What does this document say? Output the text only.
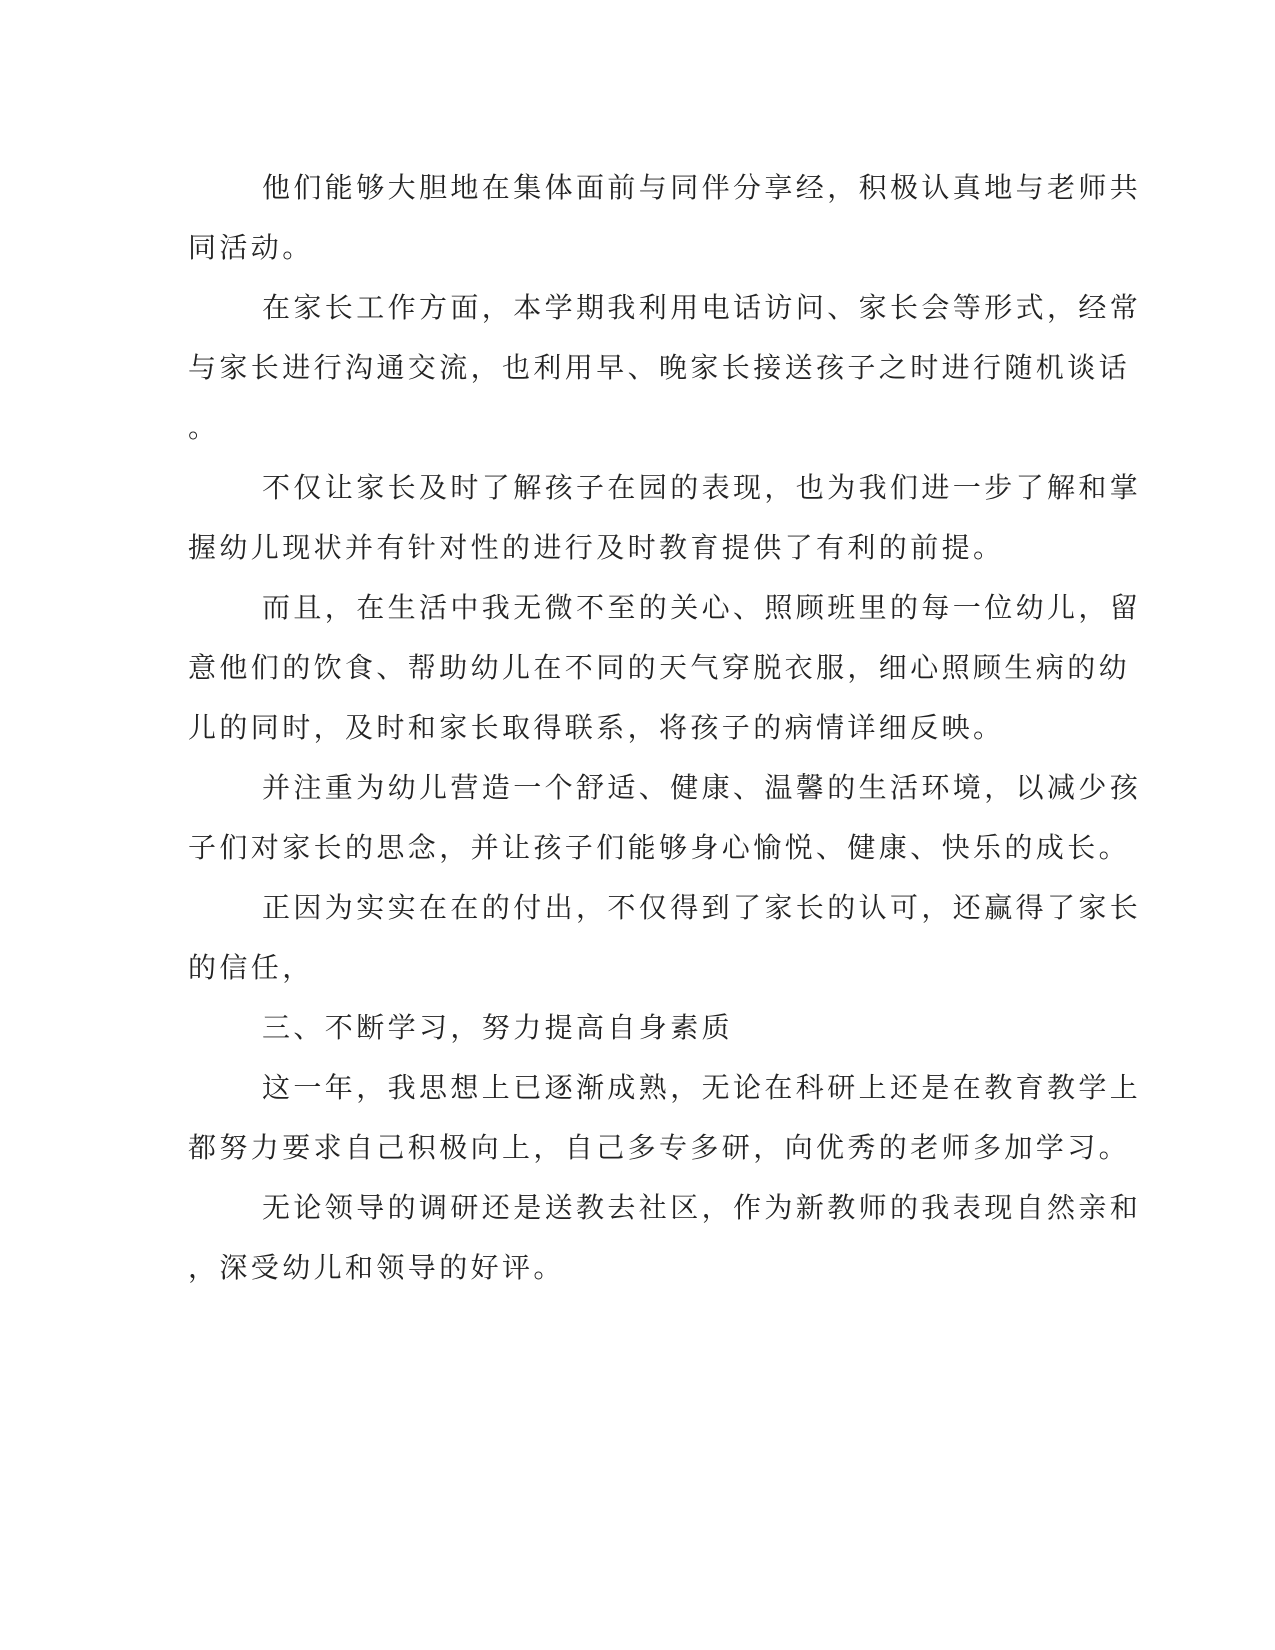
他们能够大胆地在集体面前与同伴分享经，积极认真地与老师共
同活动。
在家长工作方面，本学期我利用电话访问、家长会等形式，经常
与家长进行沟通交流，也利用早、晚家长接送孩子之时进行随机谈话
。
不仅让家长及时了解孩子在园的表现，也为我们进一步了解和掌
握幼儿现状并有针对性的进行及时教育提供了有利的前提。
而且，在生活中我无微不至的关心、照顾班里的每一位幼儿，留
意他们的饮食、帮助幼儿在不同的天气穿脱衣服，细心照顾生病的幼
儿的同时，及时和家长取得联系，将孩子的病情详细反映。
并注重为幼儿营造一个舒适、健康、温馨的生活环境，以减少孩
子们对家长的思念，并让孩子们能够身心愉悦、健康、快乐的成长。
正因为实实在在的付出，不仅得到了家长的认可，还赢得了家长
的信任，
三、不断学习，努力提高自身素质
这一年，我思想上已逐渐成熟，无论在科研上还是在教育教学上
都努力要求自己积极向上，自己多专多研，向优秀的老师多加学习。
无论领导的调研还是送教去社区，作为新教师的我表现自然亲和
，深受幼儿和领导的好评。
